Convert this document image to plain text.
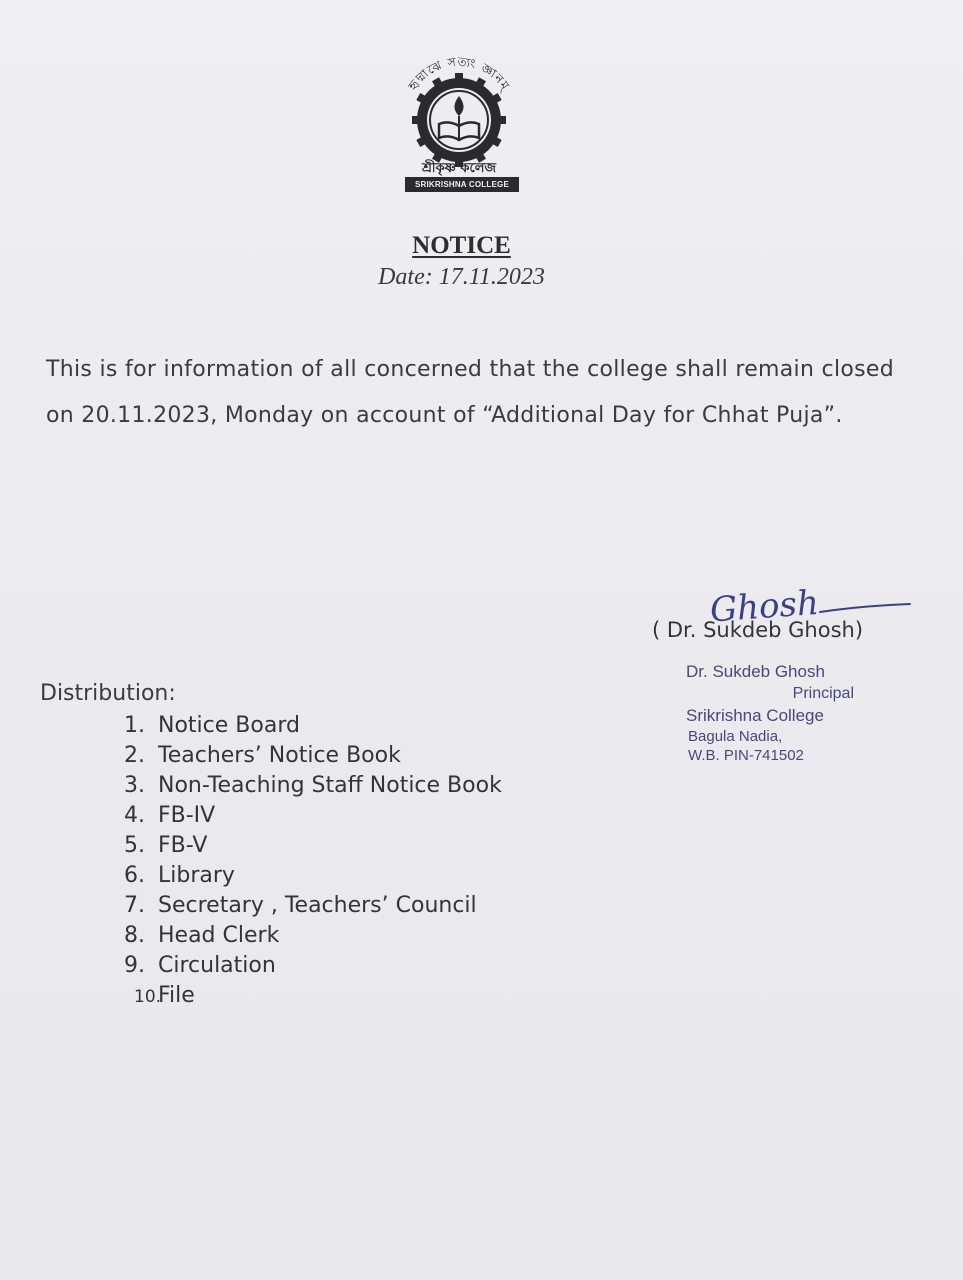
হৃদ্মাঝে সত্যং জ্ঞানম্
শ্রীকৃষ্ণ কলেজ
SRIKRISHNA COLLEGE
NOTICE
Date: 17.11.2023
This is for information of all concerned that the college shall remain closed on 20.11.2023, Monday on account of “Additional Day for Chhat Puja”.
Ghosh
( Dr. Sukdeb Ghosh)
Dr. Sukdeb Ghosh
Principal
Srikrishna College
Bagula Nadia,
W.B. PIN-741502
Distribution:
1. Notice Board
2. Teachers’ Notice Book
3. Non-Teaching Staff Notice Book
4. FB-IV
5. FB-V
6. Library
7. Secretary , Teachers’ Council
8. Head Clerk
9. Circulation
10.File
